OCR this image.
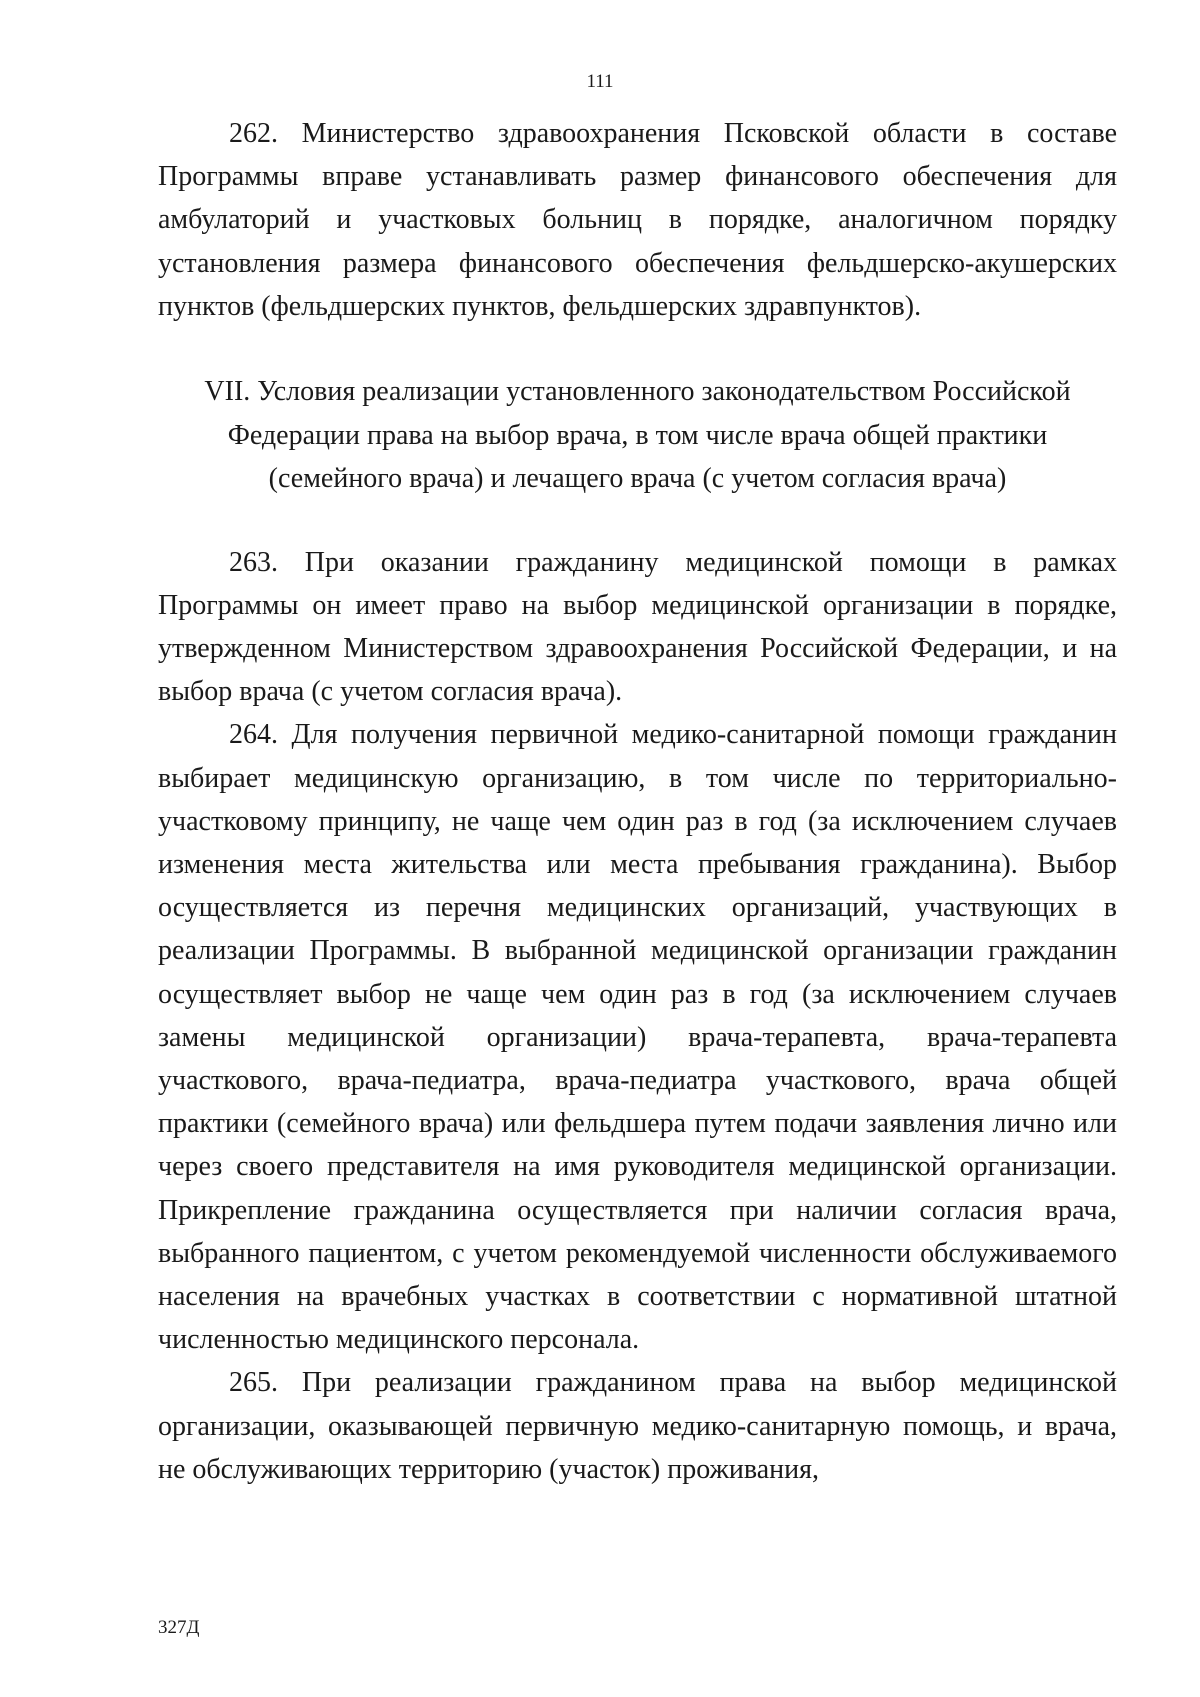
111

262. Министерство здравоохранения Псковской области в составе Программы вправе устанавливать размер финансового обеспечения для амбулаторий и участковых больниц в порядке, аналогичном порядку установления размера финансового обеспечения фельдшерско-акушерских пунктов (фельдшерских пунктов, фельдшерских здравпунктов).

VII. Условия реализации установленного законодательством Российской
Федерации права на выбор врача, в том числе врача общей практики
(семейного врача) и лечащего врача (с учетом согласия врача)

263. При оказании гражданину медицинской помощи в рамках Программы он имеет право на выбор медицинской организации в порядке, утвержденном Министерством здравоохранения Российской Федерации, и на выбор врача (с учетом согласия врача).

264. Для получения первичной медико-санитарной помощи гражданин выбирает медицинскую организацию, в том числе по территориально-участковому принципу, не чаще чем один раз в год (за исключением случаев изменения места жительства или места пребывания гражданина). Выбор осуществляется из перечня медицинских организаций, участвующих в реализации Программы. В выбранной медицинской организации гражданин осуществляет выбор не чаще чем один раз в год (за исключением случаев замены медицинской организации) врача-терапевта, врача-терапевта участкового, врача-педиатра, врача-педиатра участкового, врача общей практики (семейного врача) или фельдшера путем подачи заявления лично или через своего представителя на имя руководителя медицинской организации. Прикрепление гражданина осуществляется при наличии согласия врача, выбранного пациентом, с учетом рекомендуемой численности обслуживаемого населения на врачебных участках в соответствии с нормативной штатной численностью медицинского персонала.

265. При реализации гражданином права на выбор медицинской организации, оказывающей первичную медико-санитарную помощь, и врача, не обслуживающих территорию (участок) проживания,

327Д
